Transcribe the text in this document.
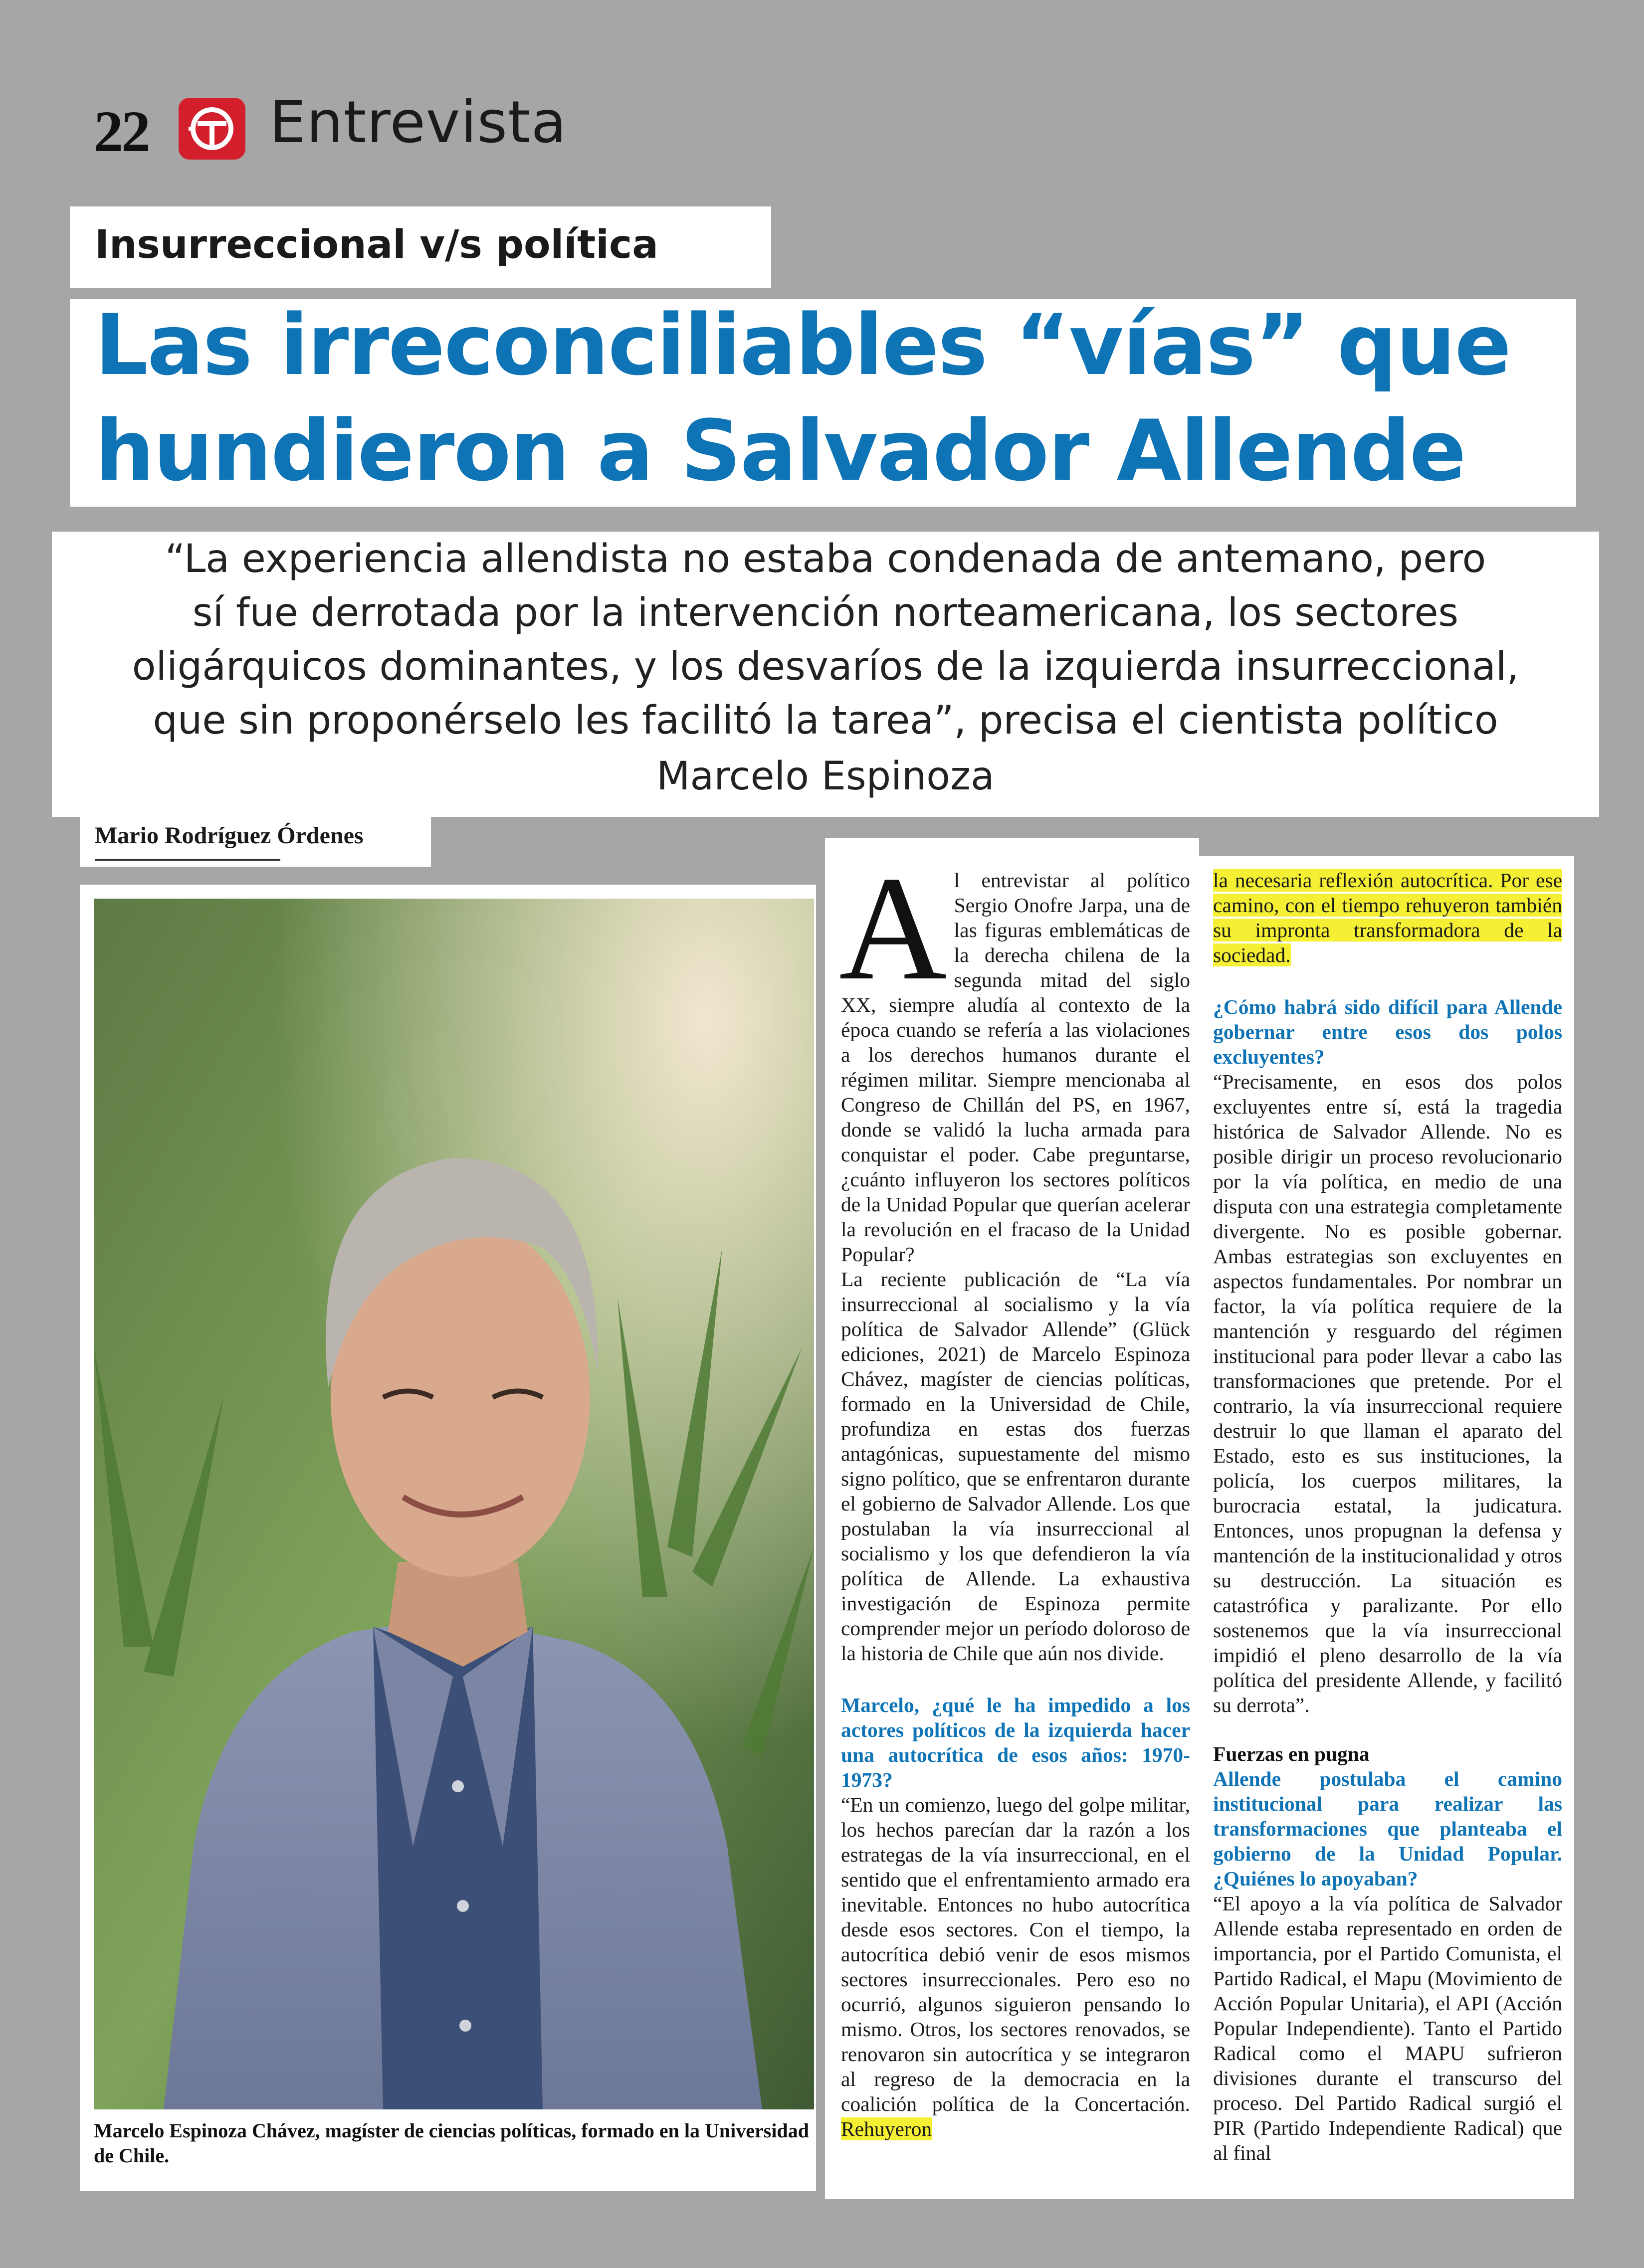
22 Entrevista
Insurreccional v/s política
Las irreconciliables “vías” que
hundieron a Salvador Allende
“La experiencia allendista no estaba condenada de antemano, pero
sí fue derrotada por la intervención norteamericana, los sectores
oligárquicos dominantes, y los desvaríos de la izquierda insurreccional,
que sin proponérselo les facilitó la tarea”, precisa el cientista político
Marcelo Espinoza
Mario Rodríguez Órdenes
Marcelo Espinoza Chávez, magíster de ciencias políticas, formado en la Universidad de Chile.

Al entrevistar al político Sergio Onofre Jarpa, una de las figuras emblemáticas de la derecha chilena de la segunda mitad del siglo XX, siempre aludía al contexto de la época cuando se refería a las violaciones a los derechos humanos durante el régimen militar. Siempre mencionaba al Congreso de Chillán del PS, en 1967, donde se validó la lucha armada para conquistar el poder. Cabe preguntarse, ¿cuánto influyeron los sectores políticos de la Unidad Popular que querían acelerar la revolución en el fracaso de la Unidad Popular?

La reciente publicación de “La vía insurreccional al socialismo y la vía política de Salvador Allende” (Glück ediciones, 2021) de Marcelo Espinoza Chávez, magíster de ciencias políticas, formado en la Universidad de Chile, profundiza en estas dos fuerzas antagónicas, supuestamente del mismo signo político, que se enfrentaron durante el gobierno de Salvador Allende. Los que postulaban la vía insurreccional al socialismo y los que defendieron la vía política de Allende. La exhaustiva investigación de Espinoza permite comprender mejor un período doloroso de la historia de Chile que aún nos divide.

Marcelo, ¿qué le ha impedido a los actores políticos de la izquierda hacer una autocrítica de esos años: 1970-1973?

“En un comienzo, luego del golpe militar, los hechos parecían dar la razón a los estrategas de la vía insurreccional, en el sentido que el enfrentamiento armado era inevitable. Entonces no hubo autocrítica desde esos sectores. Con el tiempo, la autocrítica debió venir de esos mismos sectores insurreccionales. Pero eso no ocurrió, algunos siguieron pensando lo mismo. Otros, los sectores renovados, se renovaron sin autocrítica y se integraron al regreso de la democracia en la coalición política de la Concertación. Rehuyeron

la necesaria reflexión autocrítica. Por ese camino, con el tiempo rehuyeron también su impronta transformadora de la sociedad.

¿Cómo habrá sido difícil para Allende gobernar entre esos dos polos excluyentes?

“Precisamente, en esos dos polos excluyentes entre sí, está la tragedia histórica de Salvador Allende. No es posible dirigir un proceso revolucionario por la vía política, en medio de una disputa con una estrategia completamente divergente. No es posible gobernar. Ambas estrategias son excluyentes en aspectos fundamentales. Por nombrar un factor, la vía política requiere de la mantención y resguardo del régimen institucional para poder llevar a cabo las transformaciones que pretende. Por el contrario, la vía insurreccional requiere destruir lo que llaman el aparato del Estado, esto es sus instituciones, la policía, los cuerpos militares, la burocracia estatal, la judicatura. Entonces, unos propugnan la defensa y mantención de la institucionalidad y otros su destrucción. La situación es catastrófica y paralizante. Por ello sostenemos que la vía insurreccional impidió el pleno desarrollo de la vía política del presidente Allende, y facilitó su derrota”.

Fuerzas en pugna

Allende postulaba el camino institucional para realizar las transformaciones que planteaba el gobierno de la Unidad Popular. ¿Quiénes lo apoyaban?

“El apoyo a la vía política de Salvador Allende estaba representado en orden de importancia, por el Partido Comunista, el Partido Radical, el Mapu (Movimiento de Acción Popular Unitaria), el API (Acción Popular Independiente). Tanto el Partido Radical como el MAPU sufrieron divisiones durante el transcurso del proceso. Del Partido Radical surgió el PIR (Partido Independiente Radical) que al final
